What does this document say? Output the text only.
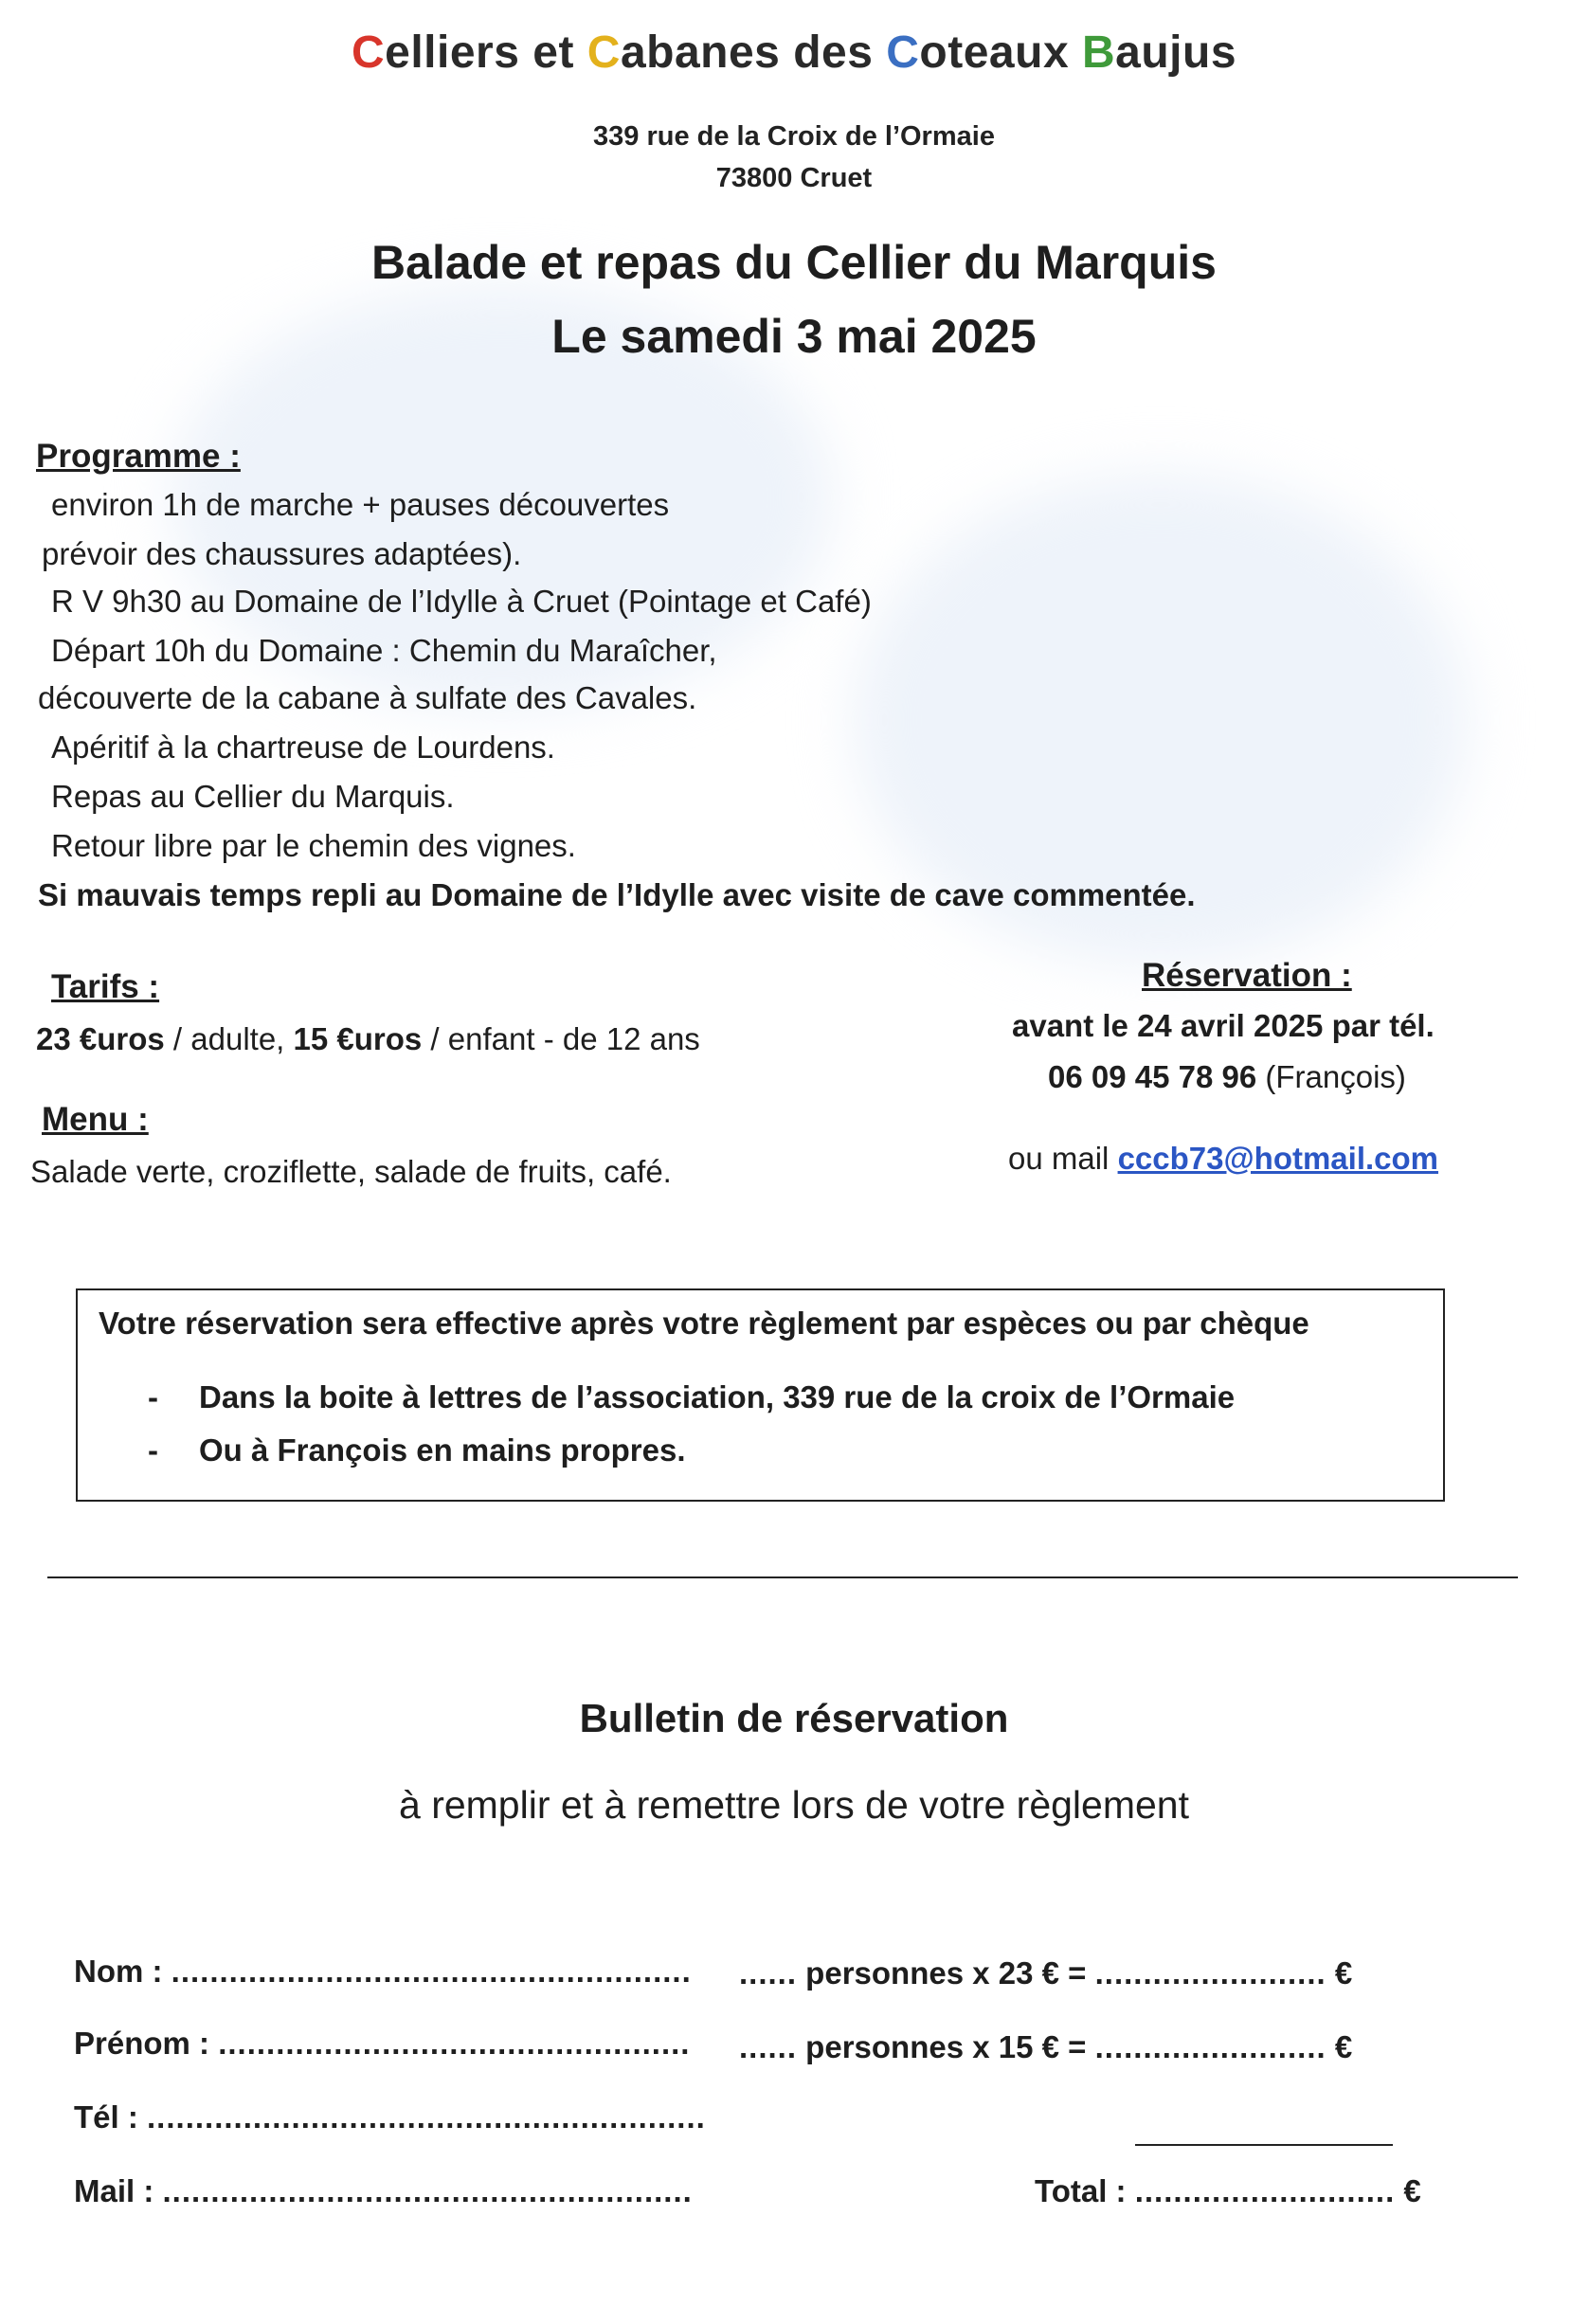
Celliers et Cabanes des Coteaux Baujus
339 rue de la Croix de l’Ormaie
73800 Cruet
Balade et repas du Cellier du Marquis
Le samedi 3 mai 2025
Programme :
environ 1h de marche + pauses découvertes
prévoir des chaussures adaptées).
R V 9h30 au Domaine de l’Idylle à Cruet (Pointage et Café)
Départ 10h du Domaine : Chemin du Maraîcher,
découverte de la cabane à sulfate des Cavales.
Apéritif à la chartreuse de Lourdens.
Repas au Cellier du Marquis.
Retour libre par le chemin des vignes.
Si mauvais temps repli au Domaine de l’Idylle avec visite de cave commentée.
Tarifs :
23 €uros / adulte, 15 €uros / enfant - de 12 ans
Menu :
Salade verte, croziflette, salade de fruits, café.
Réservation :
avant le 24 avril 2025 par tél.
06 09 45 78 96 (François)
ou mail cccb73@hotmail.com
Votre réservation sera effective après votre règlement par espèces ou par chèque
- Dans la boite à lettres de l’association, 339 rue de la croix de l’Ormaie
- Ou à François en mains propres.
Bulletin de réservation
à remplir et à remettre lors de votre règlement
Nom : ......................................................
Prénom : .................................................
Tél : ..........................................................
Mail : .......................................................
...... personnes x 23 € = ........................ €
...... personnes x 15 € = ........................ €
Total : ........................... €
